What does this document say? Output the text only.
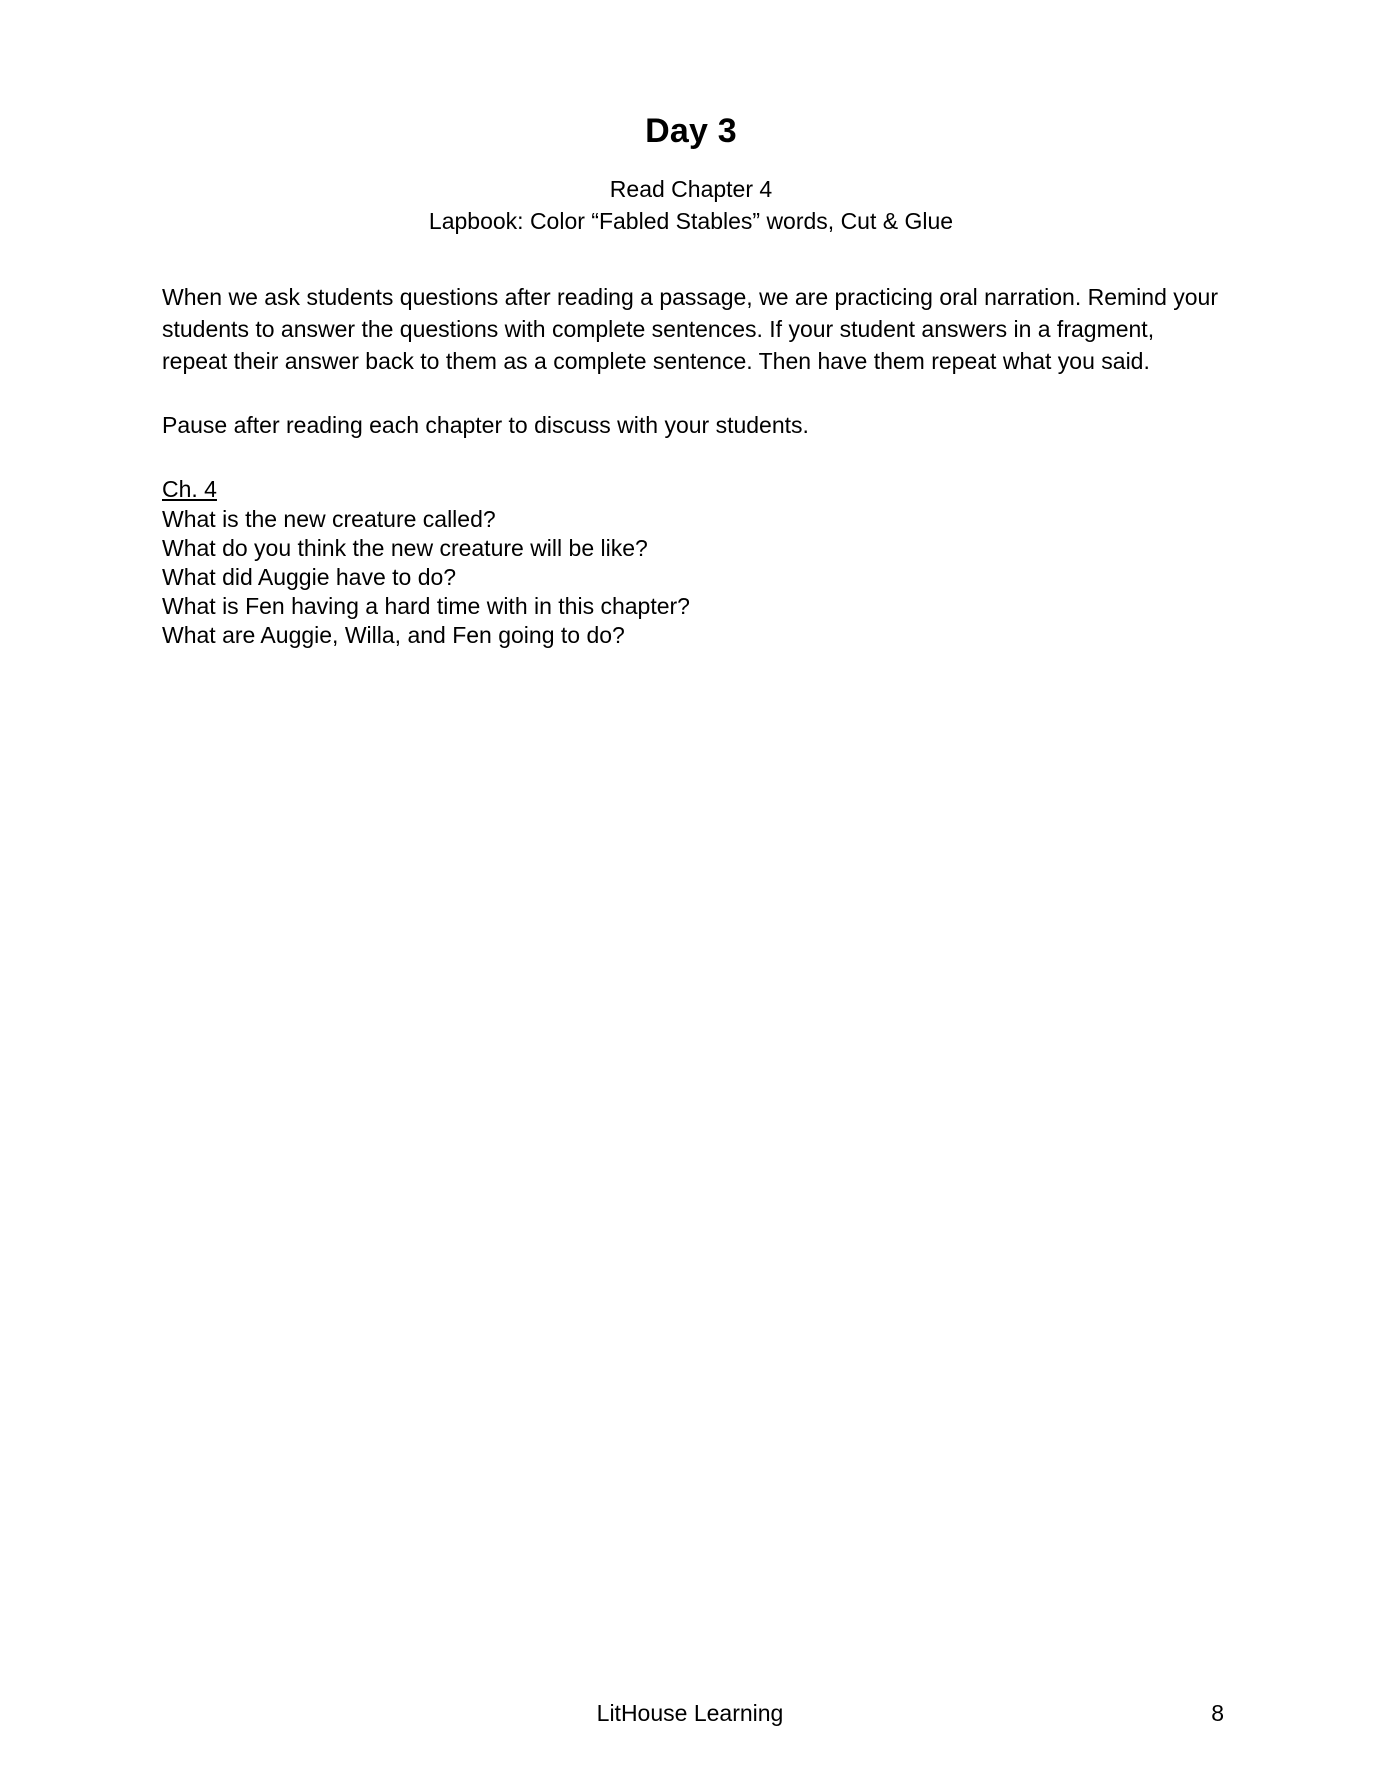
Day 3

Read Chapter 4

Lapbook: Color “Fabled Stables” words, Cut & Glue

When we ask students questions after reading a passage, we are practicing oral narration. Remind your students to answer the questions with complete sentences. If your student answers in a fragment, repeat their answer back to them as a complete sentence. Then have them repeat what you said.

Pause after reading each chapter to discuss with your students.

Ch. 4

What is the new creature called?

What do you think the new creature will be like?

What did Auggie have to do?

What is Fen having a hard time with in this chapter?

What are Auggie, Willa, and Fen going to do?

LitHouse Learning	8
